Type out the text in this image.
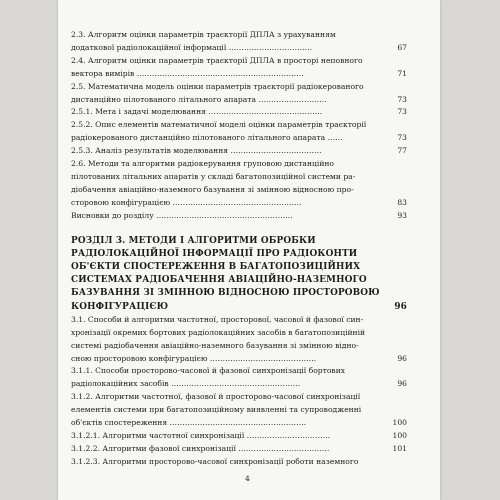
2.3. Алгоритм оцінки параметрів траєкторії ДПЛА з урахуванням
додаткової радіолокаційної інформації ……………………………	67
2.4. Алгоритм оцінки параметрів траєкторії ДПЛА в просторі неповного
вектора вимірів …………………………………………………………	71
2.5. Математична модель оцінки параметрів траєкторії радіокерованого
дистанційно пілотованого літального апарата ………………………	73
2.5.1. Мета і задачі моделювання ………………………………………	73
2.5.2. Опис елементів математичної моделі оцінки параметрів траєкторії
радіокерованого дистанційно пілотованого літального апарата ……	73
2.5.3. Аналіз результатів моделювання ………………………………	77
2.6. Методи та алгоритми радіокерування груповою дистанційно
пілотованих літальних апаратів у складі багатопозиційної системи ра-
діобачення авіаційно-наземного базування зі змінною відносною про-
сторовою конфігурацією ……………………………………………	83
Висновки до розділу ………………………………………………	93
РОЗДІЛ 3. МЕТОДИ І АЛГОРИТМИ ОБРОБКИ
РАДІОЛОКАЦІЙНОЇ ІНФОРМАЦІЇ ПРО РАДІОКОНТИ
ОБ'ЄКТИ СПОСТЕРЕЖЕННЯ В БАГАТОПОЗИЦІЙНИХ
СИСТЕМАХ РАДІОБАЧЕННЯ АВІАЦІЙНО-НАЗЕМНОГО
БАЗУВАННЯ ЗІ ЗМІННОЮ ВІДНОСНОЮ ПРОСТОРОВОЮ
КОНФІГУРАЦІЄЮ	96
3.1. Способи й алгоритми частотної, просторової, часової й фазової син-
хронізації окремих бортових радіолокаційних засобів в багатопозиційній
системі радіобачення авіаційно-наземного базування зі змінною відно-
сною просторовою конфігурацією ……………………………………	96
3.1.1. Способи просторово-часової й фазової синхронізації бортових
радіолокаційних засобів ……………………………………………	96
3.1.2. Алгоритми частотної, фазової й просторово-часової синхронізації
елементів системи при багатопозиційному виявленні та супроводженні
об'єктів спостереження ………………………………………………	100
3.1.2.1. Алгоритми частотної синхронізації ……………………………	100
3.1.2.2. Алгоритми фазової синхронізації ………………………………	101
3.1.2.3. Алгоритми просторово-часової синхронізації роботи наземного
4
